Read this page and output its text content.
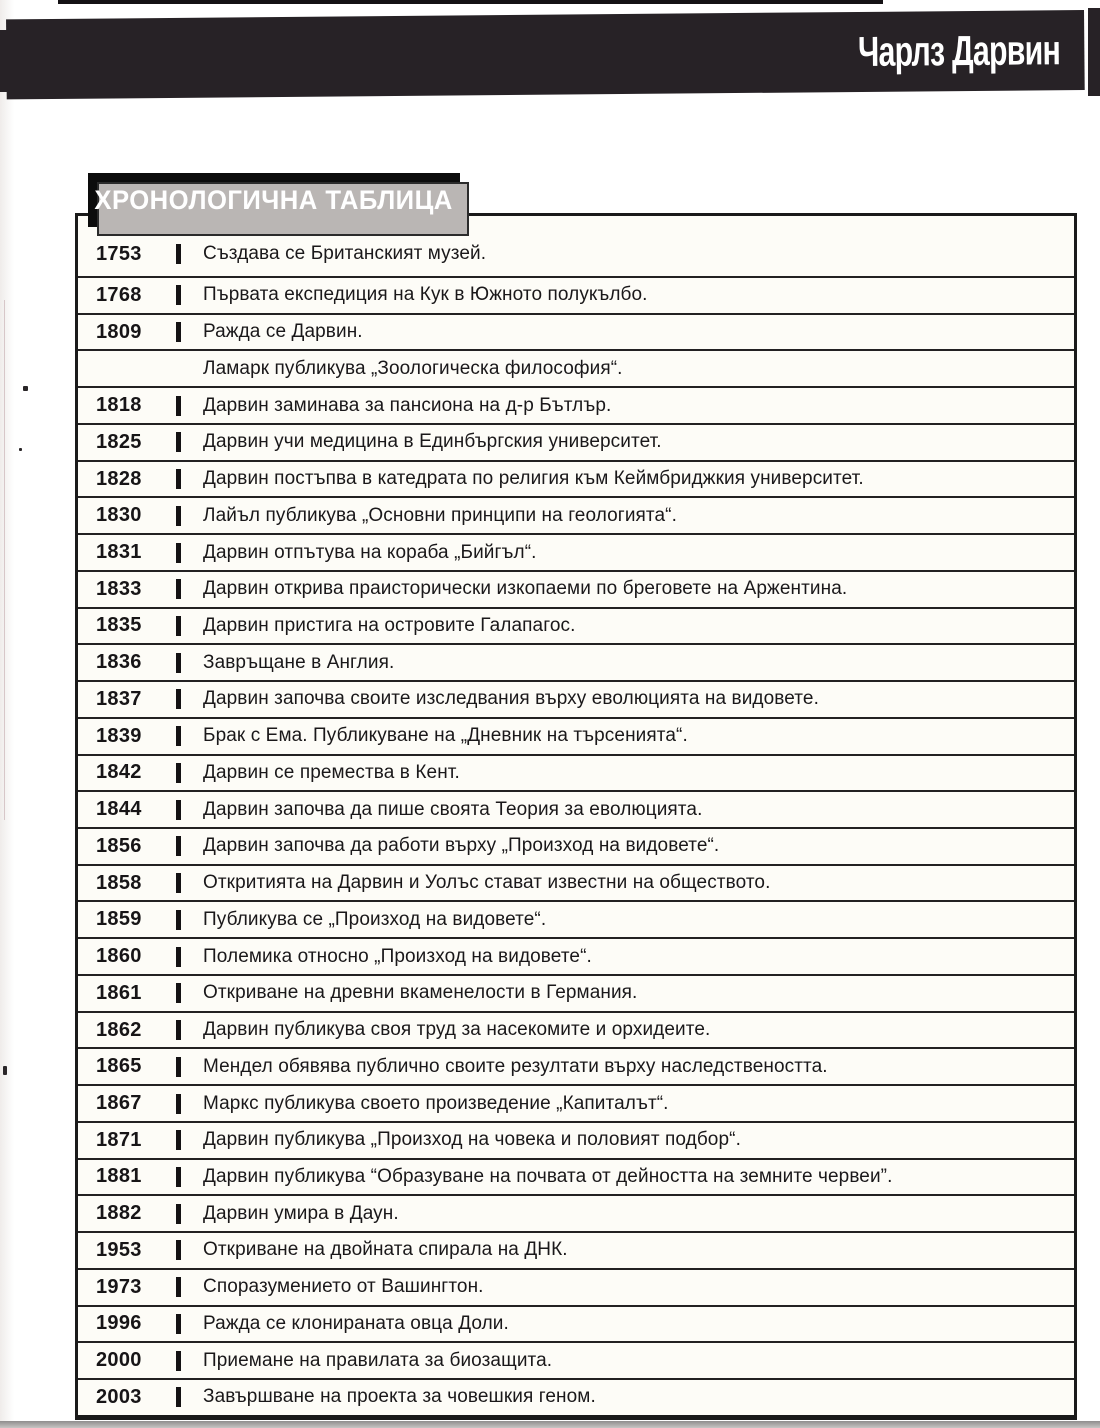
Чарлз Дарвин
ХРОНОЛОГИЧНА ТАБЛИЦА
1753	Създава се Британският музей.
1768	Първата експедиция на Кук в Южното полукълбо.
1809	Ражда се Дарвин.
Ламарк публикува „Зоологическа философия“.
1818	Дарвин заминава за пансиона на д-р Бътлър.
1825	Дарвин учи медицина в Единбъргския университет.
1828	Дарвин постъпва в катедрата по религия към Кеймбриджкия университет.
1830	Лайъл публикува „Основни принципи на геологията“.
1831	Дарвин отпътува на кораба „Бийгъл“.
1833	Дарвин открива праисторически изкопаеми по бреговете на Аржентина.
1835	Дарвин пристига на островите Галапагос.
1836	Завръщане в Англия.
1837	Дарвин започва своите изследвания върху еволюцията на видовете.
1839	Брак с Ема. Публикуване на „Дневник на търсенията“.
1842	Дарвин се премества в Кент.
1844	Дарвин започва да пише своята Теория за еволюцията.
1856	Дарвин започва да работи върху „Произход на видовете“.
1858	Откритията на Дарвин и Уолъс стават известни на обществото.
1859	Публикува се „Произход на видовете“.
1860	Полемика относно „Произход на видовете“.
1861	Откриване на древни вкаменелости в Германия.
1862	Дарвин публикува своя труд за насекомите и орхидеите.
1865	Мендел обявява публично своите резултати върху наследствеността.
1867	Маркс публикува своето произведение „Капиталът“.
1871	Дарвин публикува „Произход на човека и половият подбор“.
1881	Дарвин публикува “Образуване на почвата от дейността на земните червеи”.
1882	Дарвин умира в Даун.
1953	Откриване на двойната спирала на ДНК.
1973	Споразумението от Вашингтон.
1996	Ражда се клонираната овца Доли.
2000	Приемане на правилата за биозащита.
2003	Завършване на проекта за човешкия геном.
